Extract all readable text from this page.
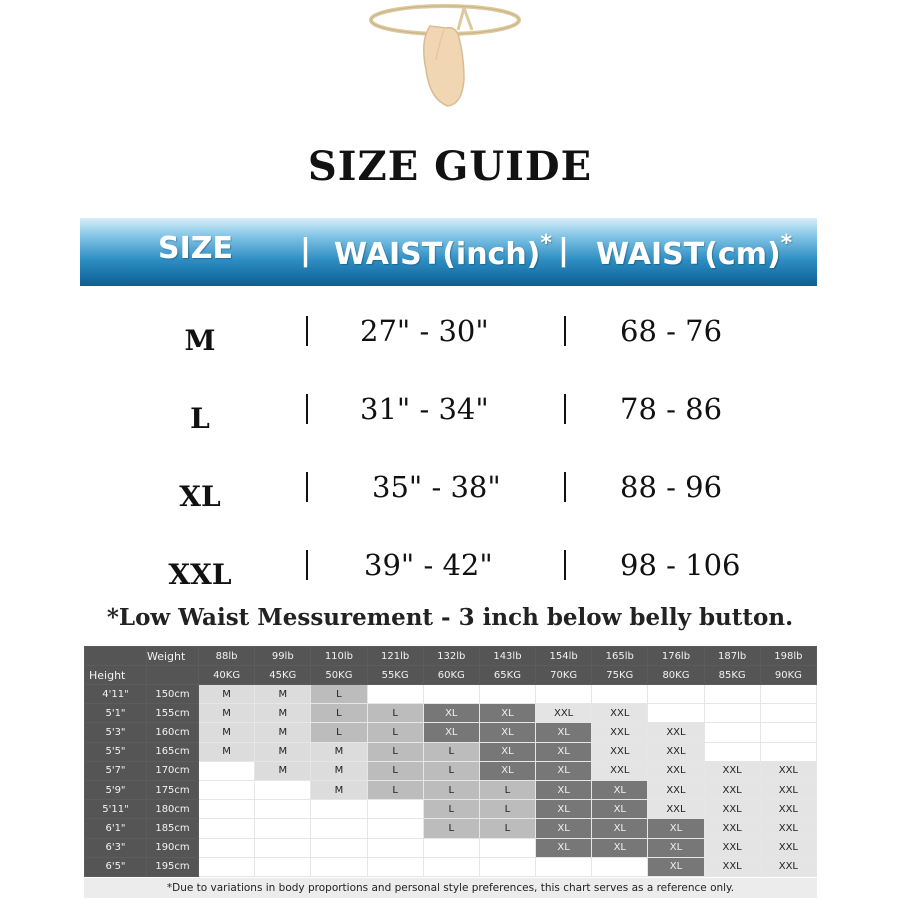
SIZE GUIDE
SIZE | WAIST(inch)* | WAIST(cm)*
M	27" - 30"	68 - 76
L	31" - 34"	78 - 86
XL	35" - 38"	88 - 96
XXL	39" - 42"	98 - 106
*Low Waist Messurement - 3 inch below belly button.
	Weight	88lb	99lb	110lb	121lb	132lb	143lb	154lb	165lb	176lb	187lb	198lb
Height		40KG	45KG	50KG	55KG	60KG	65KG	70KG	75KG	80KG	85KG	90KG
4'11"	150cm	M	M	L								
5'1"	155cm	M	M	L	L	XL	XL	XXL	XXL			
5'3"	160cm	M	M	L	L	XL	XL	XL	XXL	XXL		
5'5"	165cm	M	M	M	L	L	XL	XL	XXL	XXL		
5'7"	170cm		M	M	L	L	XL	XL	XXL	XXL	XXL	XXL
5'9"	175cm			M	L	L	L	XL	XL	XXL	XXL	XXL
5'11"	180cm					L	L	XL	XL	XXL	XXL	XXL
6'1"	185cm					L	L	XL	XL	XL	XXL	XXL
6'3"	190cm							XL	XL	XL	XXL	XXL
6'5"	195cm									XL	XXL	XXL
*Due to variations in body proportions and personal style preferences, this chart serves as a reference only.
